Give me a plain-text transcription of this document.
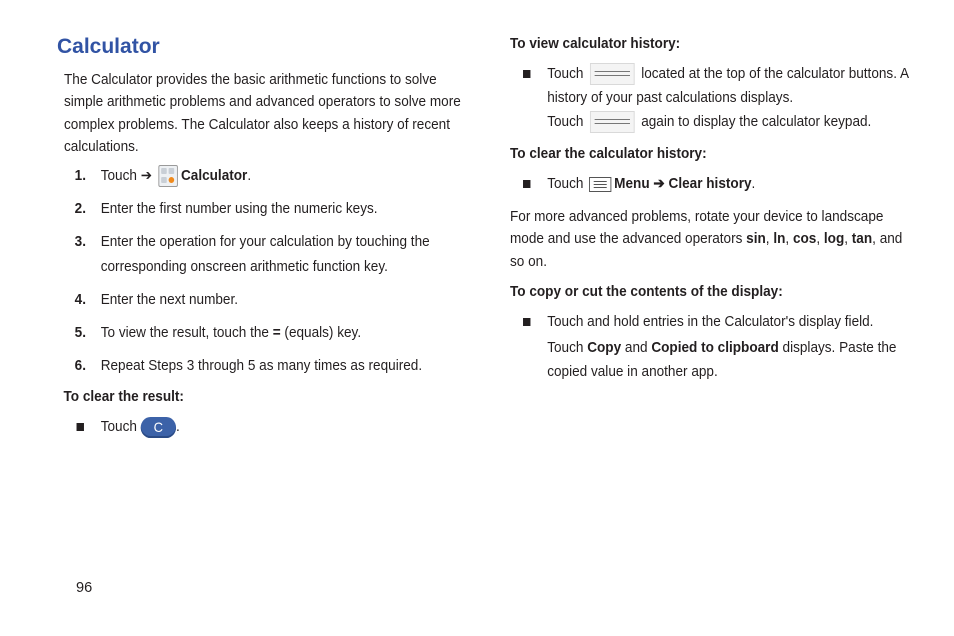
Calculator

The Calculator provides the basic arithmetic functions to solve simple arithmetic problems and advanced operators to solve more complex problems. The Calculator also keeps a history of recent calculations.

1. Touch ➔ Calculator.
2. Enter the first number using the numeric keys.
3. Enter the operation for your calculation by touching the corresponding onscreen arithmetic function key.
4. Enter the next number.
5. To view the result, touch the = (equals) key.
6. Repeat Steps 3 through 5 as many times as required.
To clear the result:
Touch C .
To view calculator history:
Touch	located at the top of the calculator buttons. A history of your past calculations displays.
Touch	again to display the calculator keypad.
To clear the calculator history:
Touch Menu ➔ Clear history.

For more advanced problems, rotate your device to landscape mode and use the advanced operators sin, ln, cos, log, tan, and so on.

To copy or cut the contents of the display:
Touch and hold entries in the Calculator's display field.
Touch Copy and Copied to clipboard displays. Paste the copied value in another app.
96
